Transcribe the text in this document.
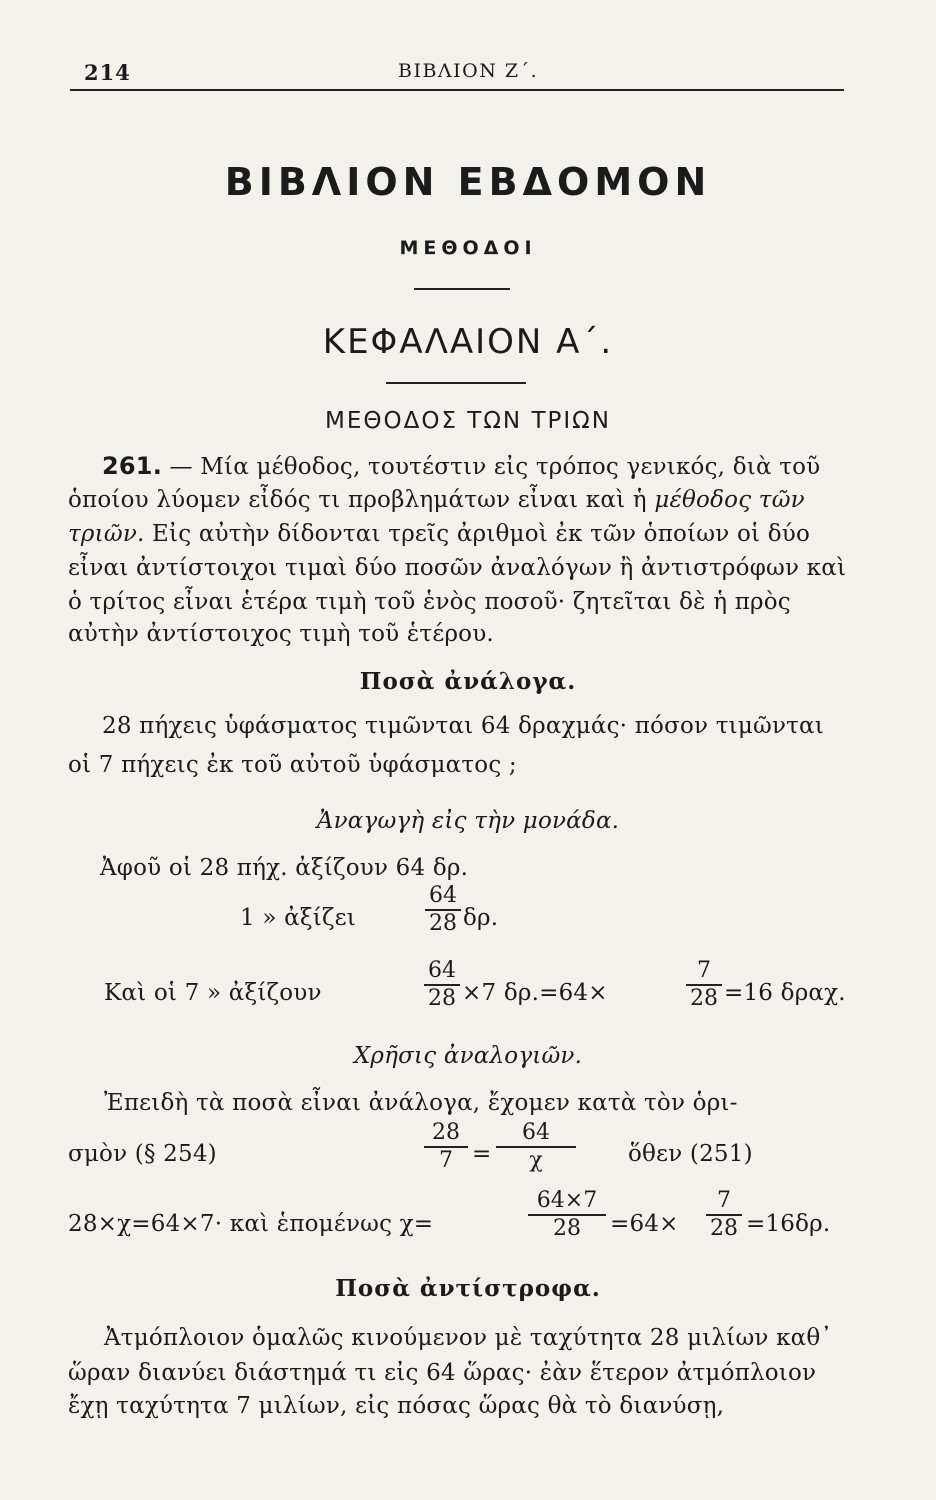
214	ΒΙΒΛΙΟΝ Ζ΄.
ΒΙΒΛΙΟΝ ΕΒΔΟΜΟΝ
ΜΕΘΟΔΟΙ
ΚΕΦΑΛΑΙΟΝ Α΄.
ΜΕΘΟΔΟΣ ΤΩΝ ΤΡΙΩΝ
261. — Μία μέθοδος, τουτέστιν εἰς τρόπος γενικός, διὰ τοῦ
ὁποίου λύομεν εἶδός τι προβλημάτων εἶναι καὶ ἡ μέθοδος τῶν
τριῶν. Εἰς αὐτὴν δίδονται τρεῖς ἀριθμοὶ ἐκ τῶν ὁποίων οἱ δύο
εἶναι ἀντίστοιχοι τιμαὶ δύο ποσῶν ἀναλόγων ἢ ἀντιστρόφων καὶ
ὁ τρίτος εἶναι ἑτέρα τιμὴ τοῦ ἑνὸς ποσοῦ· ζητεῖται δὲ ἡ πρὸς
αὐτὴν ἀντίστοιχος τιμὴ τοῦ ἑτέρου.
Ποσὰ ἀνάλογα.
28 πήχεις ὑφάσματος τιμῶνται 64 δραχμάς· πόσον τιμῶνται
οἱ 7 πήχεις ἐκ τοῦ αὐτοῦ ὑφάσματος ;
Ἀναγωγὴ εἰς τὴν μονάδα.
Ἀφοῦ οἱ 28 πήχ. ἀξίζουν 64 δρ.
1 » ἀξίζει
64
28 δρ.
Καὶ οἱ 7 » ἀξίζουν
64
28 ×7 δρ.=64×
7
28 =16 δραχ.
Χρῆσις ἀναλογιῶν.
Ἐπειδὴ τὰ ποσὰ εἶναι ἀνάλογα, ἔχομεν κατὰ τὸν ὁρι-
σμὸν (§ 254)
28
7 =
64
χ	ὅθεν (251)
28×χ=64×7· καὶ ἑπομένως χ=
64×7
28	=64×
7
28 =16δρ.
Ποσὰ ἀντίστροφα.
Ἀτμόπλοιον ὁμαλῶς κινούμενον μὲ ταχύτητα 28 μιλίων καθ᾽
ὥραν διανύει διάστημά τι εἰς 64 ὥρας· ἐὰν ἕτερον ἀτμόπλοιον
ἔχῃ ταχύτητα 7 μιλίων, εἰς πόσας ὥρας θὰ τὸ διανύσῃ,
